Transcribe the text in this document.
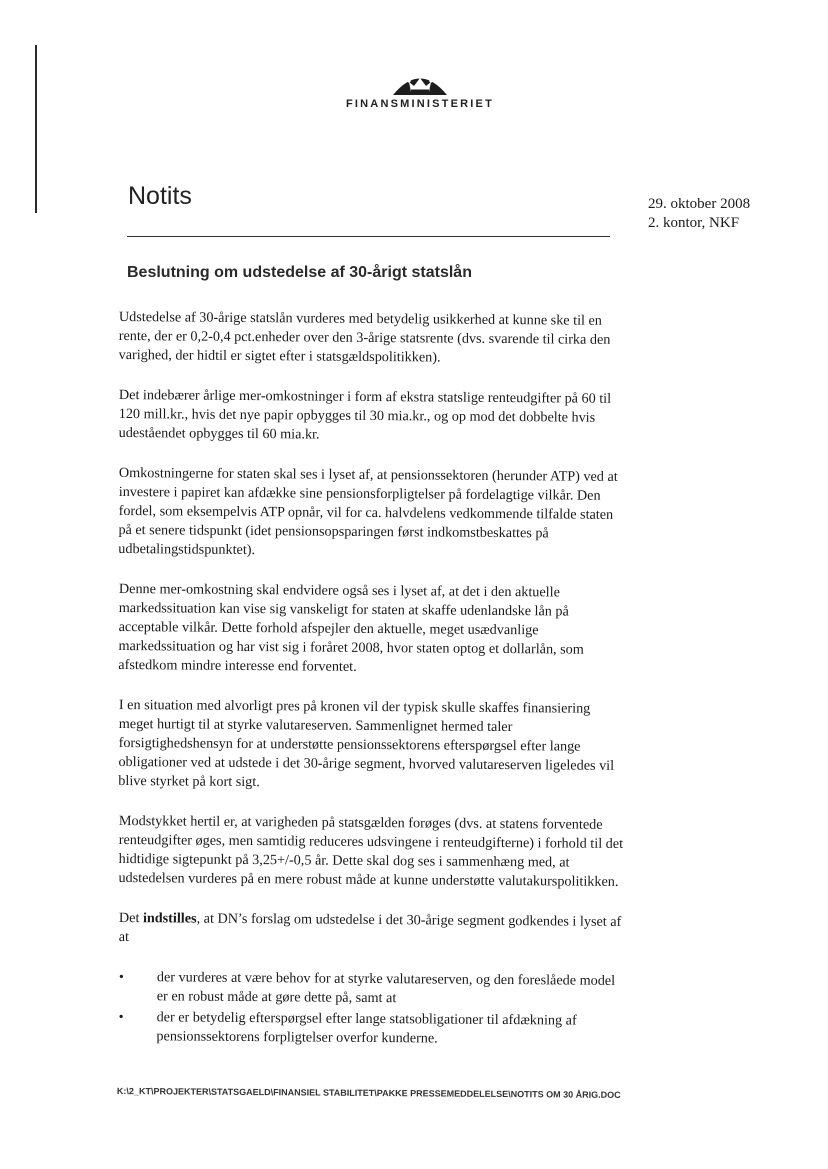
FINANSMINISTERIET
Notits	29. oktober 2008
2. kontor, NKF
Beslutning om udstedelse af 30-årigt statslån

Udstedelse af 30-årige statslån vurderes med betydelig usikkerhed at kunne ske til en rente, der er 0,2-0,4 pct.enheder over den 3-årige statsrente (dvs. svarende til cirka den varighed, der hidtil er sigtet efter i statsgældspolitikken).

Det indebærer årlige mer-omkostninger i form af ekstra statslige renteudgifter på 60 til 120 mill.kr., hvis det nye papir opbygges til 30 mia.kr., og op mod det dobbelte hvis udeståendet opbygges til 60 mia.kr.

Omkostningerne for staten skal ses i lyset af, at pensionssektoren (herunder ATP) ved at investere i papiret kan afdække sine pensionsforpligtelser på fordelagtige vilkår. Den fordel, som eksempelvis ATP opnår, vil for ca. halvdelens vedkommende tilfalde staten på et senere tidspunkt (idet pensionsopsparingen først indkomstbeskattes på udbetalingstidspunktet).

Denne mer-omkostning skal endvidere også ses i lyset af, at det i den aktuelle markedssituation kan vise sig vanskeligt for staten at skaffe udenlandske lån på acceptable vilkår. Dette forhold afspejler den aktuelle, meget usædvanlige markedssituation og har vist sig i foråret 2008, hvor staten optog et dollarlån, som afstedkom mindre interesse end forventet.

I en situation med alvorligt pres på kronen vil der typisk skulle skaffes finansiering meget hurtigt til at styrke valutareserven. Sammenlignet hermed taler forsigtighedshensyn for at understøtte pensionssektorens efterspørgsel efter lange obligationer ved at udstede i det 30-årige segment, hvorved valutareserven ligeledes vil blive styrket på kort sigt.

Modstykket hertil er, at varigheden på statsgælden forøges (dvs. at statens forventede renteudgifter øges, men samtidig reduceres udsvingene i renteudgifterne) i forhold til det hidtidige sigtepunkt på 3,25+/-0,5 år. Dette skal dog ses i sammenhæng med, at udstedelsen vurderes på en mere robust måde at kunne understøtte valutakurspolitikken.

Det indstilles, at DN’s forslag om udstedelse i det 30-årige segment godkendes i lyset af at

• der vurderes at være behov for at styrke valutareserven, og den foreslåede model er en robust måde at gøre dette på, samt at
• der er betydelig efterspørgsel efter lange statsobligationer til afdækning af pensionssektorens forpligtelser overfor kunderne.
K:\2_KT\PROJEKTER\STATSGAELD\FINANSIEL STABILITET\PAKKE PRESSEMEDDELELSE\NOTITS OM 30 ÅRIG.DOC
